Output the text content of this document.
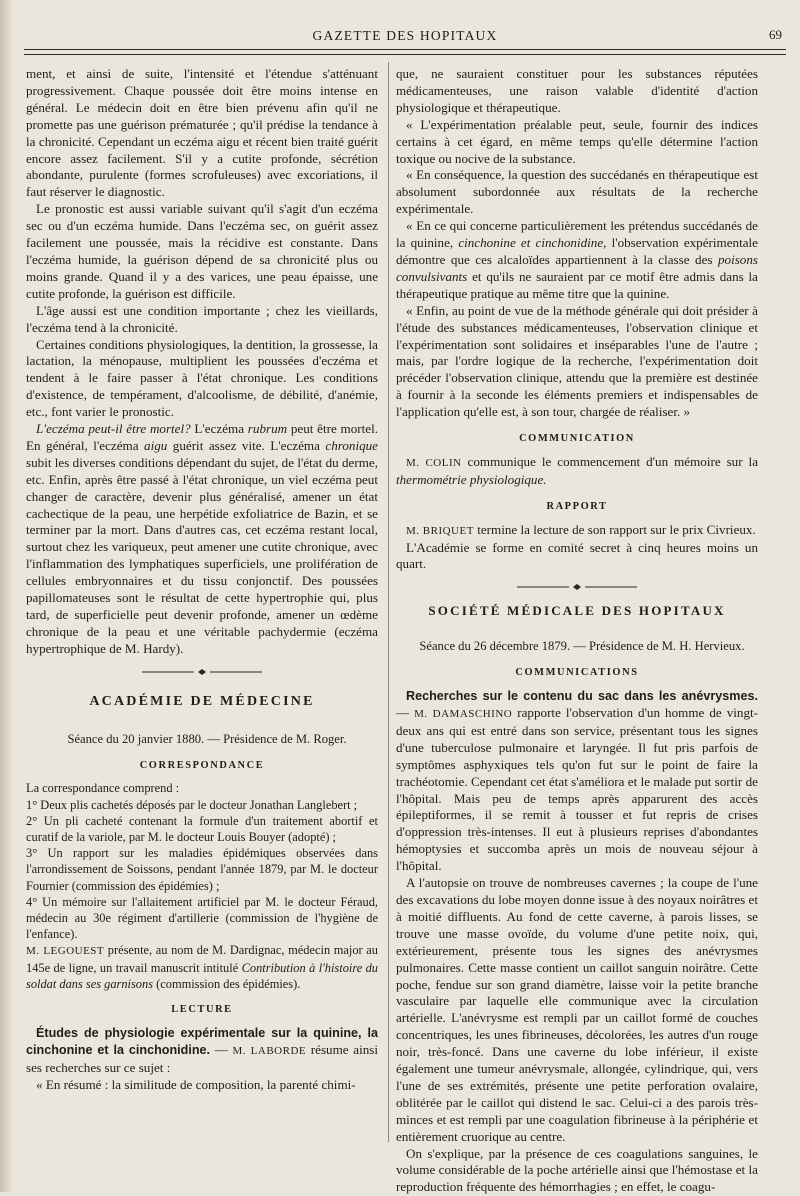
GAZETTE DES HOPITAUX	69

ment, et ainsi de suite, l'intensité et l'étendue s'atténuant progressivement. Chaque poussée doit être moins intense en général. Le médecin doit en être bien prévenu afin qu'il ne promette pas une guérison prématurée ; qu'il prédise la tendance à la chronicité. Cependant un eczéma aigu et récent bien traité guérit encore assez facilement. S'il y a cutite profonde, sécrétion abondante, purulente (formes scrofuleuses) avec excoriations, il faut réserver le diagnostic.

Le pronostic est aussi variable suivant qu'il s'agit d'un eczéma sec ou d'un eczéma humide. Dans l'eczéma sec, on guérit assez facilement une poussée, mais la récidive est constante. Dans l'eczéma humide, la guérison dépend de sa chronicité plus ou moins grande. Quand il y a des varices, une peau épaisse, une cutite profonde, la guérison est difficile.

L'âge aussi est une condition importante ; chez les vieillards, l'eczéma tend à la chronicité.

Certaines conditions physiologiques, la dentition, la grossesse, la lactation, la ménopause, multiplient les poussées d'eczéma et tendent à le faire passer à l'état chronique. Les conditions d'existence, de tempérament, d'alcoolisme, de débilité, d'anémie, etc., font varier le pronostic.

L'eczéma peut-il être mortel? L'eczéma rubrum peut être mortel. En général, l'eczéma aigu guérit assez vite. L'eczéma chronique subit les diverses conditions dépendant du sujet, de l'état du derme, etc. Enfin, après être passé à l'état chronique, un viel eczéma peut changer de caractère, devenir plus généralisé, amener un état cachectique de la peau, une herpétide exfoliatrice de Bazin, et se terminer par la mort. Dans d'autres cas, cet eczéma restant local, surtout chez les variqueux, peut amener une cutite chronique, avec l'inflammation des lymphatiques superficiels, une prolifération de cellules embryonnaires et du tissu conjonctif. Des poussées papillomateuses sont le résultat de cette hypertrophie qui, plus tard, de superficielle peut devenir profonde, amener un œdème chronique de la peau et une véritable pachydermie (eczéma hypertrophique de M. Hardy).

ACADÉMIE DE MÉDECINE

Séance du 20 janvier 1880. — Présidence de M. Roger.

CORRESPONDANCE

La correspondance comprend :

1° Deux plis cachetés déposés par le docteur Jonathan Langlebert ;

2° Un pli cacheté contenant la formule d'un traitement abortif et curatif de la variole, par M. le docteur Louis Bouyer (adopté) ;

3° Un rapport sur les maladies épidémiques observées dans l'arrondissement de Soissons, pendant l'année 1879, par M. le docteur Fournier (commission des épidémies) ;

4° Un mémoire sur l'allaitement artificiel par M. le docteur Féraud, médecin au 30e régiment d'artillerie (commission de l'hygiène de l'enfance).

M. LEGOUEST présente, au nom de M. Dardignac, médecin major au 145e de ligne, un travail manuscrit intitulé Contribution à l'histoire du soldat dans ses garnisons (commission des épidémies).

LECTURE

Études de physiologie expérimentale sur la quinine, la cinchonine et la cinchonidine. — M. LABORDE résume ainsi ses recherches sur ce sujet :

« En résumé : la similitude de composition, la parenté chimi-

que, ne sauraient constituer pour les substances réputées médicamenteuses, une raison valable d'identité d'action physiologique et thérapeutique.

« L'expérimentation préalable peut, seule, fournir des indices certains à cet égard, en même temps qu'elle détermine l'action toxique ou nocive de la substance.

« En conséquence, la question des succédanés en thérapeutique est absolument subordonnée aux résultats de la recherche expérimentale.

« En ce qui concerne particulièrement les prétendus succédanés de la quinine, cinchonine et cinchonidine, l'observation expérimentale démontre que ces alcaloïdes appartiennent à la classe des poisons convulsivants et qu'ils ne sauraient par ce motif être admis dans la thérapeutique pratique au même titre que la quinine.

« Enfin, au point de vue de la méthode générale qui doit présider à l'étude des substances médicamenteuses, l'observation clinique et l'expérimentation sont solidaires et inséparables l'une de l'autre ; mais, par l'ordre logique de la recherche, l'expérimentation doit précéder l'observation clinique, attendu que la première est destinée à fournir à la seconde les éléments premiers et indispensables de l'application qu'elle est, à son tour, chargée de réaliser. »

COMMUNICATION

M. COLIN communique le commencement d'un mémoire sur la thermométrie physiologique.

RAPPORT

M. BRIQUET termine la lecture de son rapport sur le prix Civrieux.

L'Académie se forme en comité secret à cinq heures moins un quart.

SOCIÉTÉ MÉDICALE DES HOPITAUX

Séance du 26 décembre 1879. — Présidence de M. H. Hervieux.

COMMUNICATIONS

Recherches sur le contenu du sac dans les anévrysmes. — M. DAMASCHINO rapporte l'observation d'un homme de vingt-deux ans qui est entré dans son service, présentant tous les signes d'une tuberculose pulmonaire et laryngée. Il fut pris parfois de symptômes asphyxiques tels qu'on fut sur le point de faire la trachéotomie. Cependant cet état s'améliora et le malade put sortir de l'hôpital. Mais peu de temps après apparurent des accès épileptiformes, il se remit à tousser et fut repris de crises d'oppression très-intenses. Il eut à plusieurs reprises d'abondantes hémoptysies et succomba après un mois de nouveau séjour à l'hôpital.

A l'autopsie on trouve de nombreuses cavernes ; la coupe de l'une des excavations du lobe moyen donne issue à des noyaux noirâtres et à moitié diffluents. Au fond de cette caverne, à parois lisses, se trouve une masse ovoïde, du volume d'une petite noix, qui, extérieurement, présente tous les signes des anévrysmes pulmonaires. Cette masse contient un caillot sanguin noirâtre. Cette poche, fendue sur son grand diamètre, laisse voir la petite branche vasculaire par laquelle elle communique avec la circulation artérielle. L'anévrysme est rempli par un caillot formé de couches concentriques, les unes fibrineuses, décolorées, les autres d'un rouge noir, très-foncé. Dans une caverne du lobe inférieur, il existe également une tumeur anévrysmale, allongée, cylindrique, qui, vers l'une de ses extrémités, présente une petite perforation ovalaire, oblitérée par le caillot qui distend le sac. Celui-ci a des parois très-minces et est rempli par une coagulation fibrineuse à la périphérie et entièrement cruorique au centre.

On s'explique, par la présence de ces coagulations sanguines, le volume considérable de la poche artérielle ainsi que l'hémostase et la reproduction fréquente des hémorrhagies ; en effet, le coagu-
